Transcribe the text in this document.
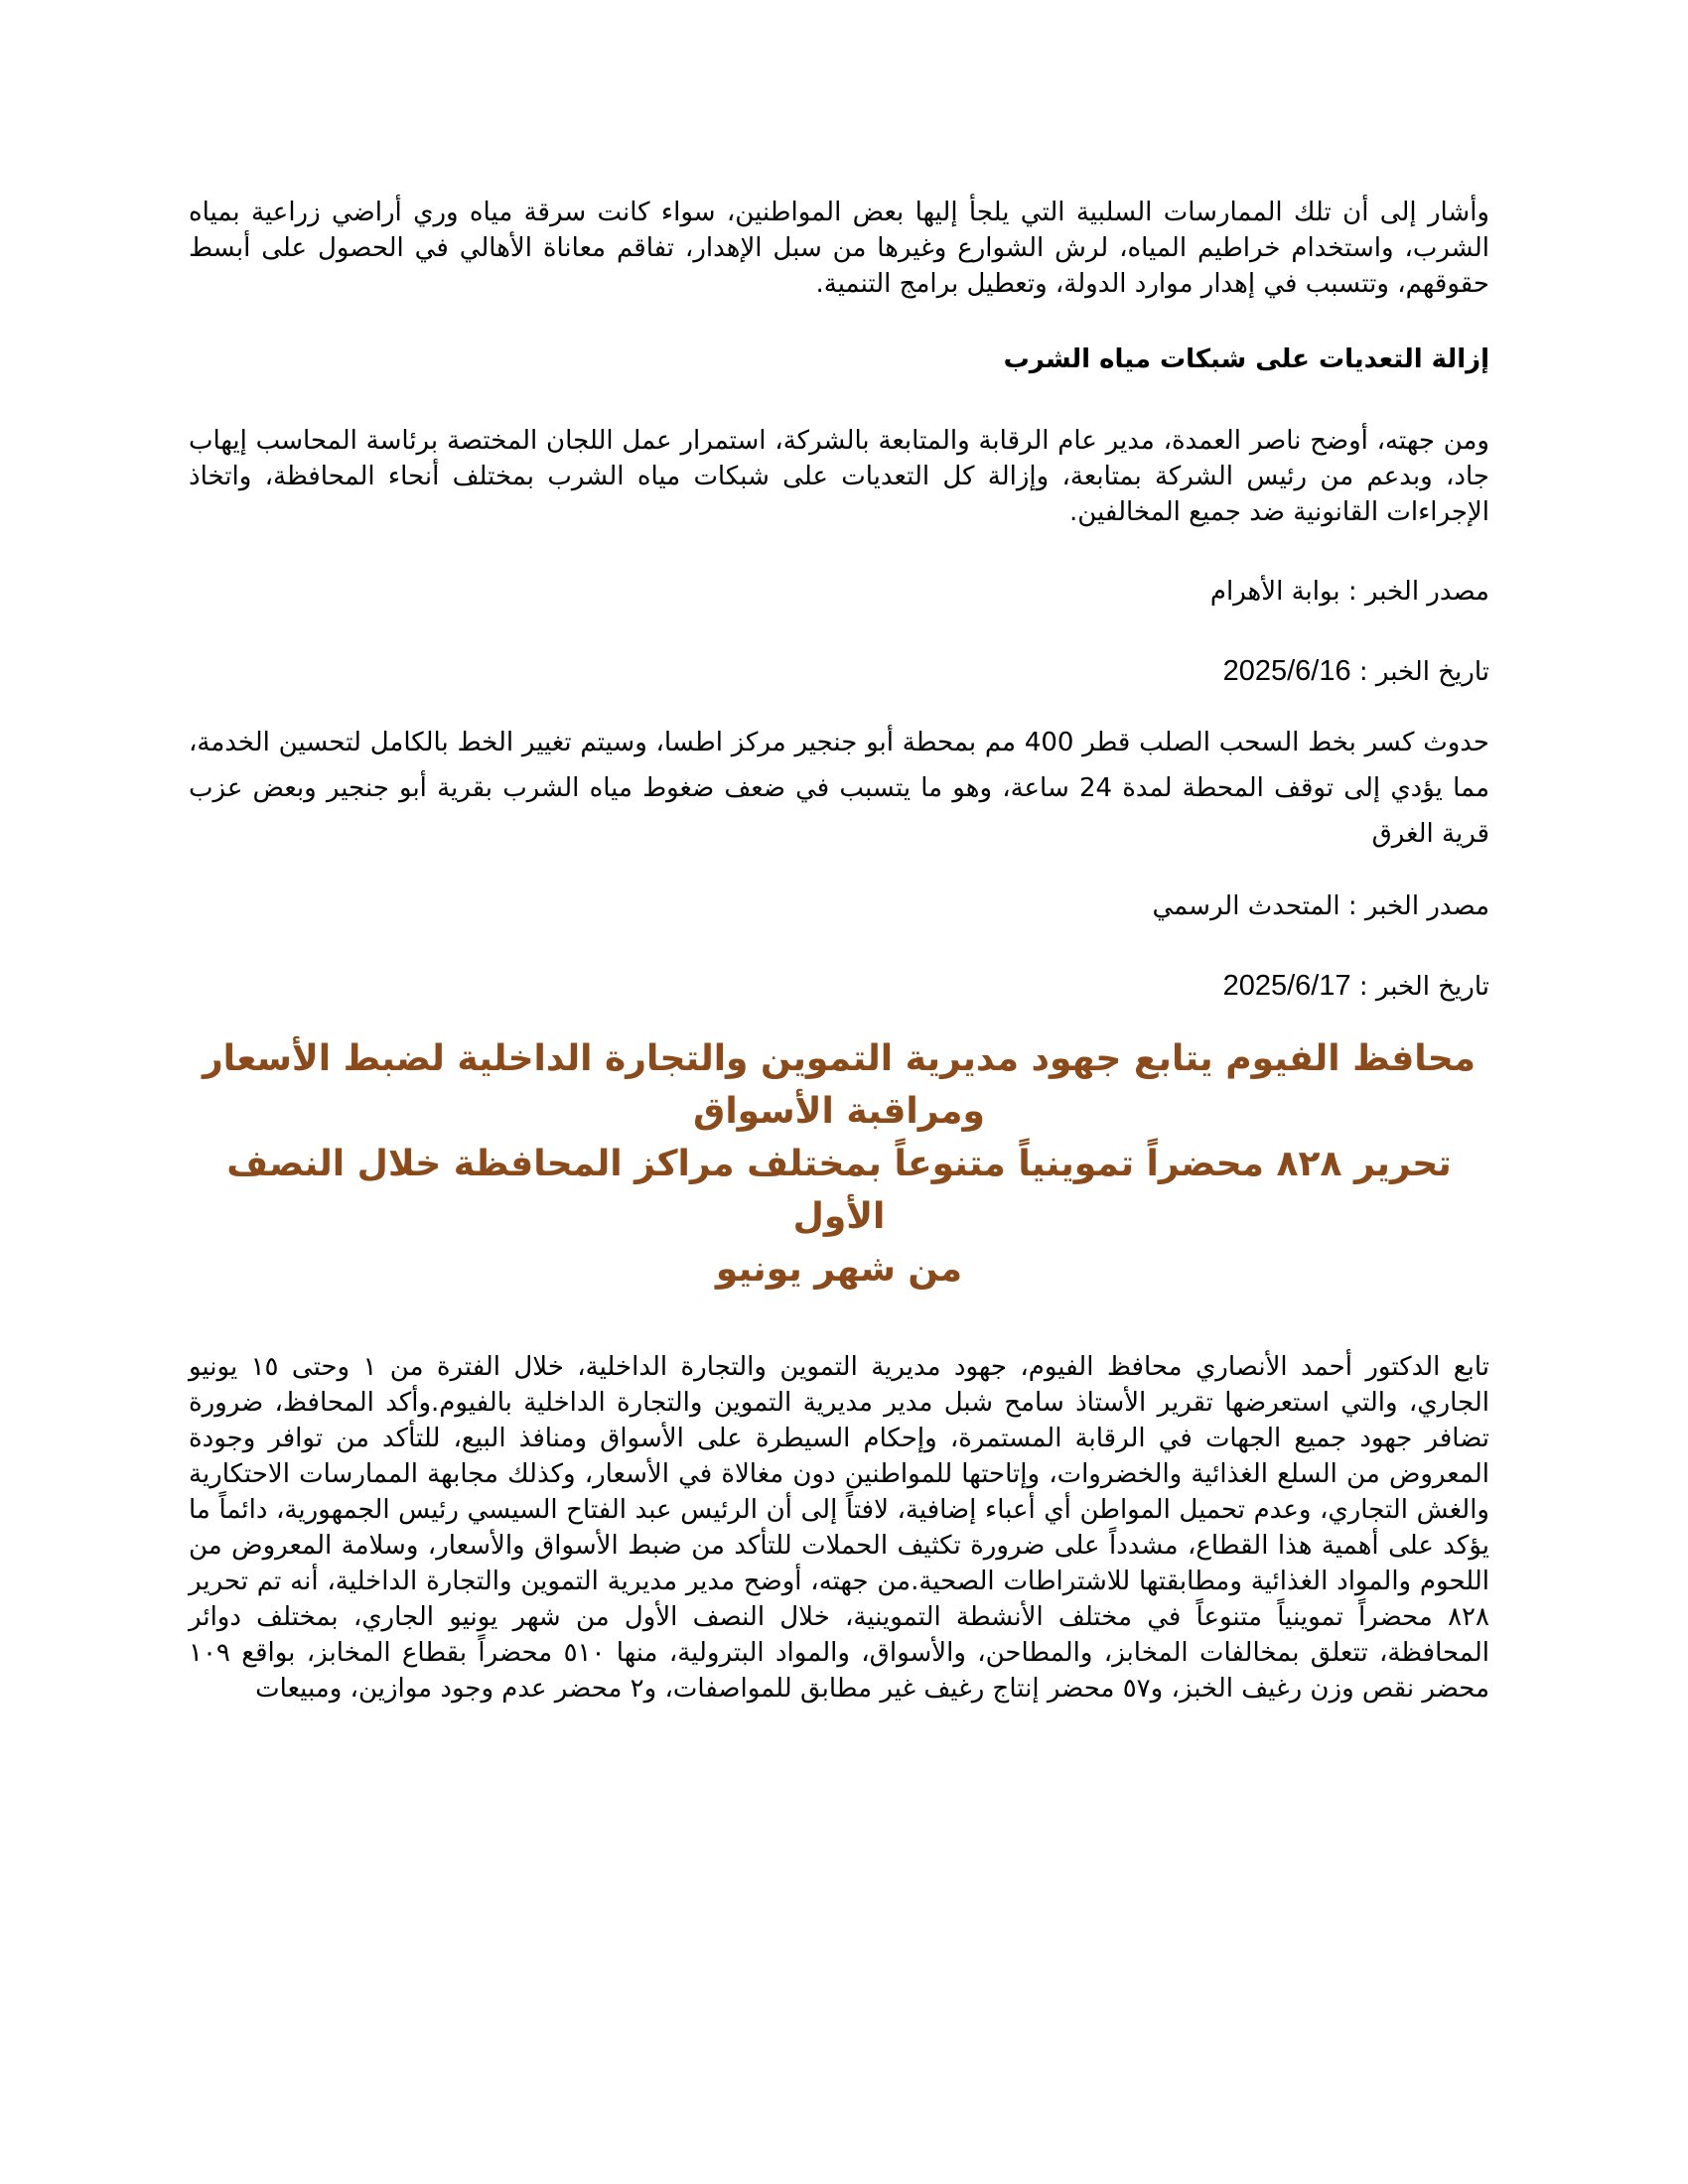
وأشار إلى أن تلك الممارسات السلبية التي يلجأ إليها بعض المواطنين، سواء كانت سرقة مياه وري أراضي زراعية بمياه الشرب، واستخدام خراطيم المياه، لرش الشوارع وغيرها من سبل الإهدار، تفاقم معاناة الأهالي في الحصول على أبسط حقوقهم، وتتسبب في إهدار موارد الدولة، وتعطيل برامج التنمية.

إزالة التعديات على شبكات مياه الشرب

ومن جهته، أوضح ناصر العمدة، مدير عام الرقابة والمتابعة بالشركة، استمرار عمل اللجان المختصة برئاسة المحاسب إيهاب جاد، وبدعم من رئيس الشركة بمتابعة، وإزالة كل التعديات على شبكات مياه الشرب بمختلف أنحاء المحافظة، واتخاذ الإجراءات القانونية ضد جميع المخالفين.

مصدر الخبر : بوابة الأهرام

تاريخ الخبر : 2025/6/16

حدوث كسر بخط السحب الصلب قطر 400 مم بمحطة أبو جنجير مركز اطسا، وسيتم تغيير الخط بالكامل لتحسين الخدمة، مما يؤدي إلى توقف المحطة لمدة 24 ساعة، وهو ما يتسبب في ضعف ضغوط مياه الشرب بقرية أبو جنجير وبعض عزب قرية الغرق

مصدر الخبر : المتحدث الرسمي

تاريخ الخبر : 2025/6/17

محافظ الفيوم يتابع جهود مديرية التموين والتجارة الداخلية لضبط الأسعار
ومراقبة الأسواق
تحرير ٨٢٨ محضراً تموينياً متنوعاً بمختلف مراكز المحافظة خلال النصف الأول
من شهر يونيو

تابع الدكتور أحمد الأنصاري محافظ الفيوم، جهود مديرية التموين والتجارة الداخلية، خلال الفترة من ١ وحتى ١٥ يونيو الجاري، والتي استعرضها تقرير الأستاذ سامح شبل مدير مديرية التموين والتجارة الداخلية بالفيوم.وأكد المحافظ، ضرورة تضافر جهود جميع الجهات في الرقابة المستمرة، وإحكام السيطرة على الأسواق ومنافذ البيع، للتأكد من توافر وجودة المعروض من السلع الغذائية والخضروات، وإتاحتها للمواطنين دون مغالاة في الأسعار، وكذلك مجابهة الممارسات الاحتكارية والغش التجاري، وعدم تحميل المواطن أي أعباء إضافية، لافتاً إلى أن الرئيس عبد الفتاح السيسي رئيس الجمهورية، دائماً ما يؤكد على أهمية هذا القطاع، مشدداً على ضرورة تكثيف الحملات للتأكد من ضبط الأسواق والأسعار، وسلامة المعروض من اللحوم والمواد الغذائية ومطابقتها للاشتراطات الصحية.من جهته، أوضح مدير مديرية التموين والتجارة الداخلية، أنه تم تحرير ٨٢٨ محضراً تموينياً متنوعاً في مختلف الأنشطة التموينية، خلال النصف الأول من شهر يونيو الجاري، بمختلف دوائر المحافظة، تتعلق بمخالفات المخابز، والمطاحن، والأسواق، والمواد البترولية، منها ٥١٠ محضراً بقطاع المخابز، بواقع ١٠٩ محضر نقص وزن رغيف الخبز، و٥٧ محضر إنتاج رغيف غير مطابق للمواصفات، و٢ محضر عدم وجود موازين، ومبيعات
